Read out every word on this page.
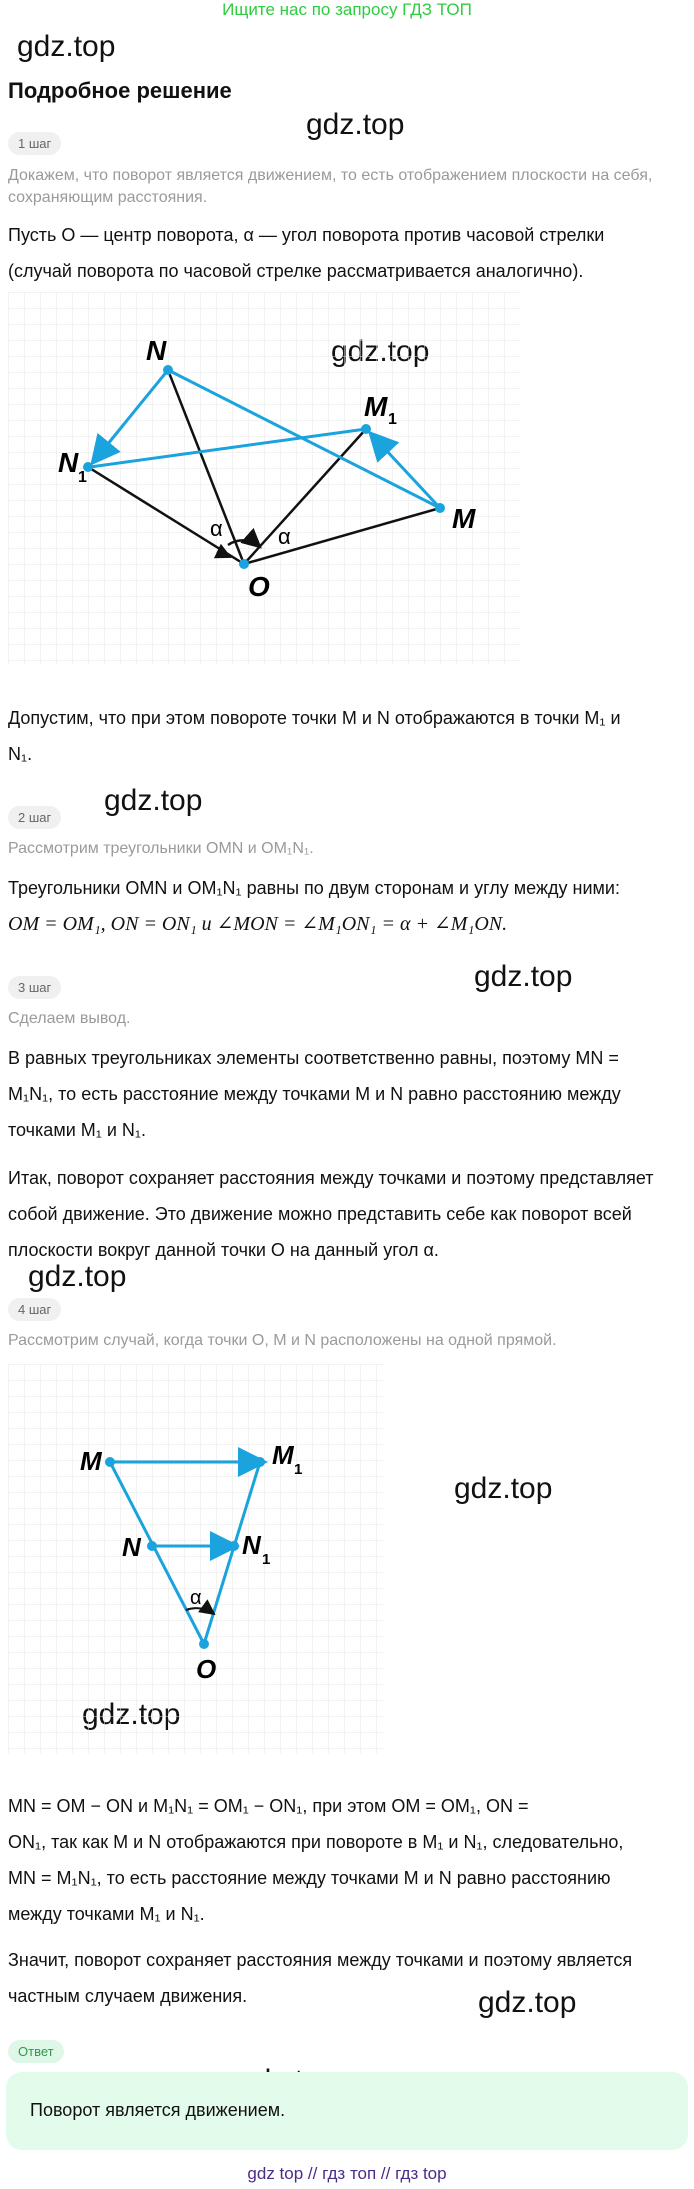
Ищите нас по запросу ГДЗ ТОП
gdz.top
gdz.top
gdz.top
gdz.top
gdz.top
gdz.top
gdz.top
Подробное решение
1 шаг
Докажем, что поворот является движением, то есть отображением плоскости на себя, сохраняющим расстояния.
Пусть O — центр поворота, α — угол поворота против часовой стрелки
(случай поворота по часовой стрелке рассматривается аналогично).
N
M 1
N 1
M
O
α	α
Допустим, что при этом повороте точки M и N отображаются в точки M₁ и
N₁.
2 шаг
Рассмотрим треугольники OMN и OM₁N₁.
Треугольники OMN и OM₁N₁ равны по двум сторонам и углу между ними:
OM = OM₁, ON = ON₁ и ∠MON = ∠M₁ON₁ = α + ∠M₁ON.
3 шаг
Сделаем вывод.
В равных треугольниках элементы соответственно равны, поэтому MN =
M₁N₁, то есть расстояние между точками M и N равно расстоянию между
точками M₁ и N₁.
Итак, поворот сохраняет расстояния между точками и поэтому представляет
собой движение. Это движение можно представить себе как поворот всей
плоскости вокруг данной точки O на данный угол α.
4 шаг
Рассмотрим случай, когда точки O, M и N расположены на одной прямой.
M	M 1
N	N 1
O
α
MN = OM − ON и M₁N₁ = OM₁ − ON₁, при этом OM = OM₁, ON =
ON₁, так как M и N отображаются при повороте в M₁ и N₁, следовательно,
MN = M₁N₁, то есть расстояние между точками M и N равно расстоянию
между точками M₁ и N₁.
Значит, поворот сохраняет расстояния между точками и поэтому является
частным случаем движения.
Ответ
Поворот является движением.
gdz top // гдз топ // гдз top
